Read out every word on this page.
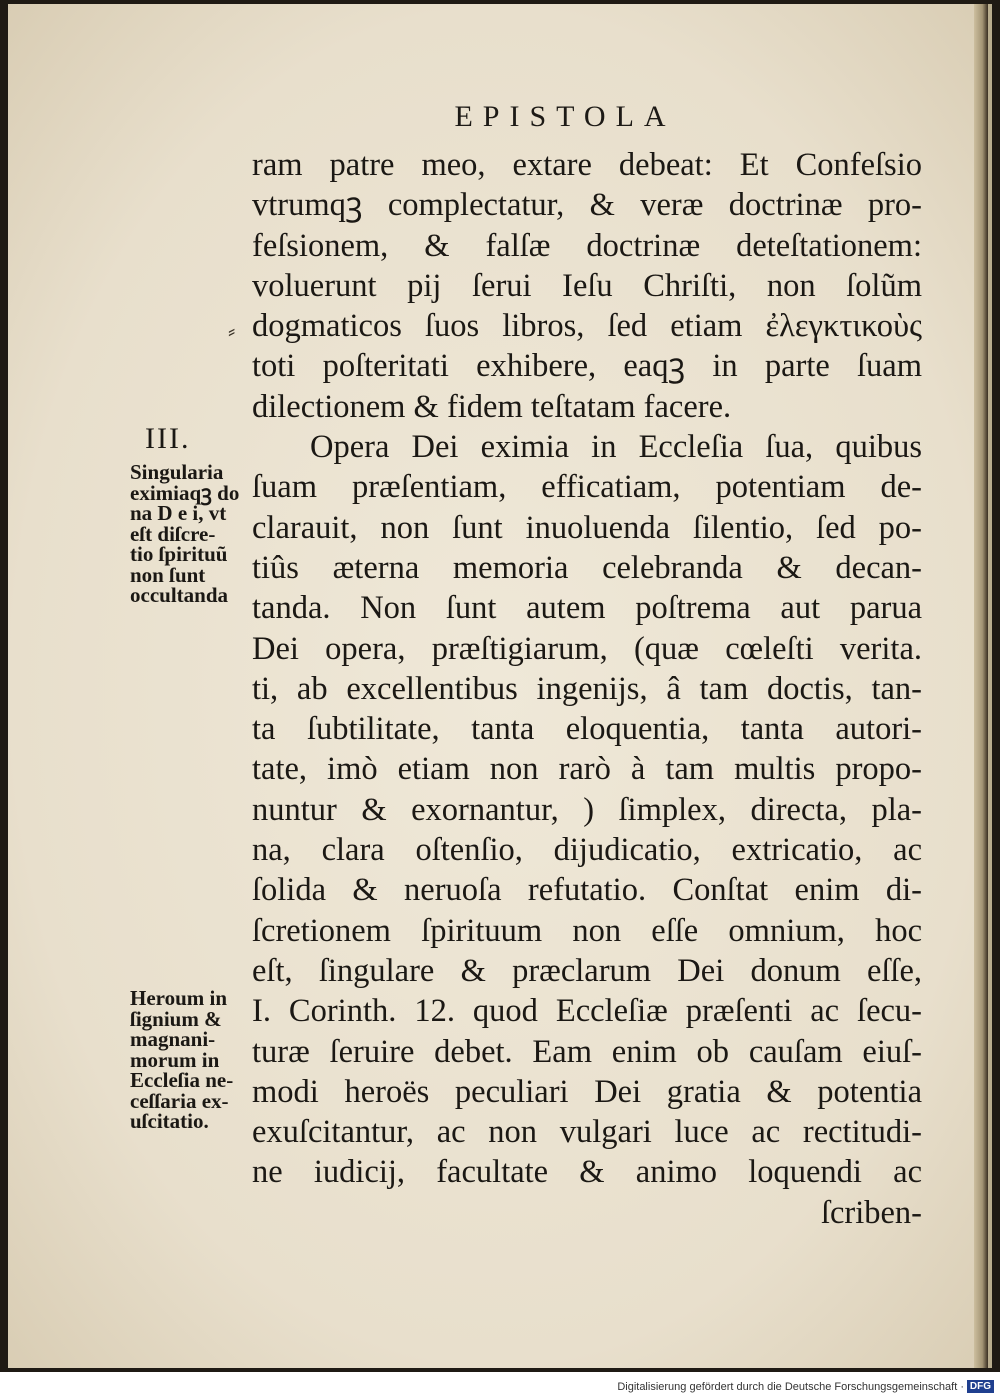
EPISTOLA
III.
Singularia
eximiaqꝫ do
na D e i, vt
eſt diſcre-
tio ſpirituũ
non ſunt
occultanda
Heroum in
ſignium &
magnani-
morum in
Eccleſia ne-
ceſſaria ex-
uſcitatio.
ram patre meo, extare debeat: Et Confeſsio
vtrumqꝫ complectatur, & veræ doctrinæ pro-
feſsionem, & falſæ doctrinæ deteſtationem:
voluerunt pij ſerui Ieſu Chriſti, non ſolũm
dogmaticos ſuos libros, ſed etiam ἐλεγκτικοὺς
toti poſteritati exhibere, eaqꝫ in parte ſuam
dilectionem & fidem teſtatam facere.
Opera Dei eximia in Eccleſia ſua, quibus
ſuam præſentiam, efficatiam, potentiam de-
clarauit, non ſunt inuoluenda ſilentio, ſed po-
tiûs æterna memoria celebranda & decan-
tanda. Non ſunt autem poſtrema aut parua
Dei opera, præſtigiarum, (quæ cœleſti verita.
ti, ab excellentibus ingenijs, â tam doctis, tan-
ta ſubtilitate, tanta eloquentia, tanta autori-
tate, imò etiam non rarò à tam multis propo-
nuntur & exornantur, ) ſimplex, directa, pla-
na, clara oſtenſio, dijudicatio, extricatio, ac
ſolida & neruoſa refutatio. Conſtat enim di-
ſcretionem ſpirituum non eſſe omnium, hoc
eſt, ſingulare & præclarum Dei donum eſſe,
I. Corinth. 12. quod Eccleſiæ præſenti ac ſecu-
turæ ſeruire debet. Eam enim ob cauſam eiuſ-
modi heroës peculiari Dei gratia & potentia
exuſcitantur, ac non vulgari luce ac rectitudi-
ne iudicij, facultate & animo loquendi ac
ſcriben-
⸗
Digitalisierung gefördert durch die Deutsche Forschungsgemeinschaft · DFG
